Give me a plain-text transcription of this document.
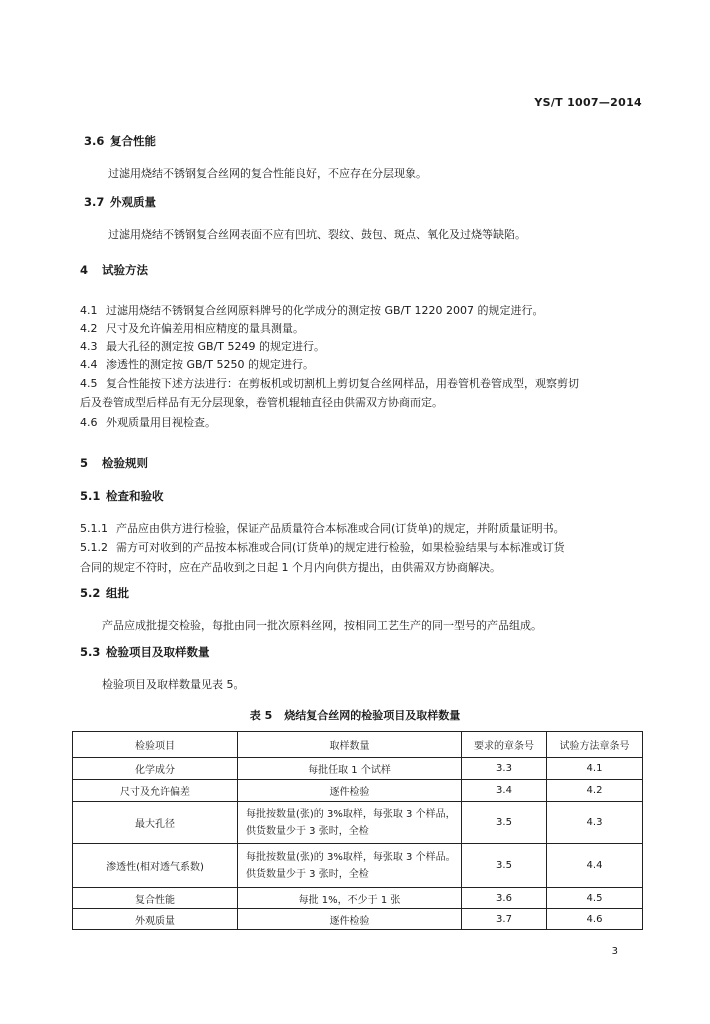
YS/T 1007—2014
3.6 复合性能
过滤用烧结不锈钢复合丝网的复合性能良好，不应存在分层现象。
3.7 外观质量
过滤用烧结不锈钢复合丝网表面不应有凹坑、裂纹、鼓包、斑点、氧化及过烧等缺陷。
4 试验方法
4.1 过滤用烧结不锈钢复合丝网原料牌号的化学成分的测定按 GB/T 1220 2007 的规定进行。
4.2 尺寸及允许偏差用相应精度的量具测量。
4.3 最大孔径的测定按 GB/T 5249 的规定进行。
4.4 渗透性的测定按 GB/T 5250 的规定进行。
4.5 复合性能按下述方法进行：在剪板机或切割机上剪切复合丝网样品，用卷管机卷管成型，观察剪切
后及卷管成型后样品有无分层现象，卷管机辊轴直径由供需双方协商而定。
4.6 外观质量用目视检查。
5 检验规则
5.1 检查和验收
5.1.1 产品应由供方进行检验，保证产品质量符合本标准或合同(订货单)的规定，并附质量证明书。
5.1.2 需方可对收到的产品按本标准或合同(订货单)的规定进行检验，如果检验结果与本标准或订货
合同的规定不符时，应在产品收到之日起 1 个月内向供方提出，由供需双方协商解决。
5.2 组批
产品应成批提交检验，每批由同一批次原料丝网，按相同工艺生产的同一型号的产品组成。
5.3 检验项目及取样数量
检验项目及取样数量见表 5。
表 5 烧结复合丝网的检验项目及取样数量
检验项目	取样数量	要求的章条号	试验方法章条号
化学成分	每批任取 1 个试样	3.3	4.1
尺寸及允许偏差	逐件检验	3.4	4.2
最大孔径	每批按数量(张)的 3%取样，每张取 3 个样品，供货数量少于 3 张时，全检	3.5	4.3
渗透性(相对透气系数)	每批按数量(张)的 3%取样，每张取 3 个样品。供货数量少于 3 张时，全检	3.5	4.4
复合性能	每批 1%，不少于 1 张	3.6	4.5
外观质量	逐件检验	3.7	4.6
3
